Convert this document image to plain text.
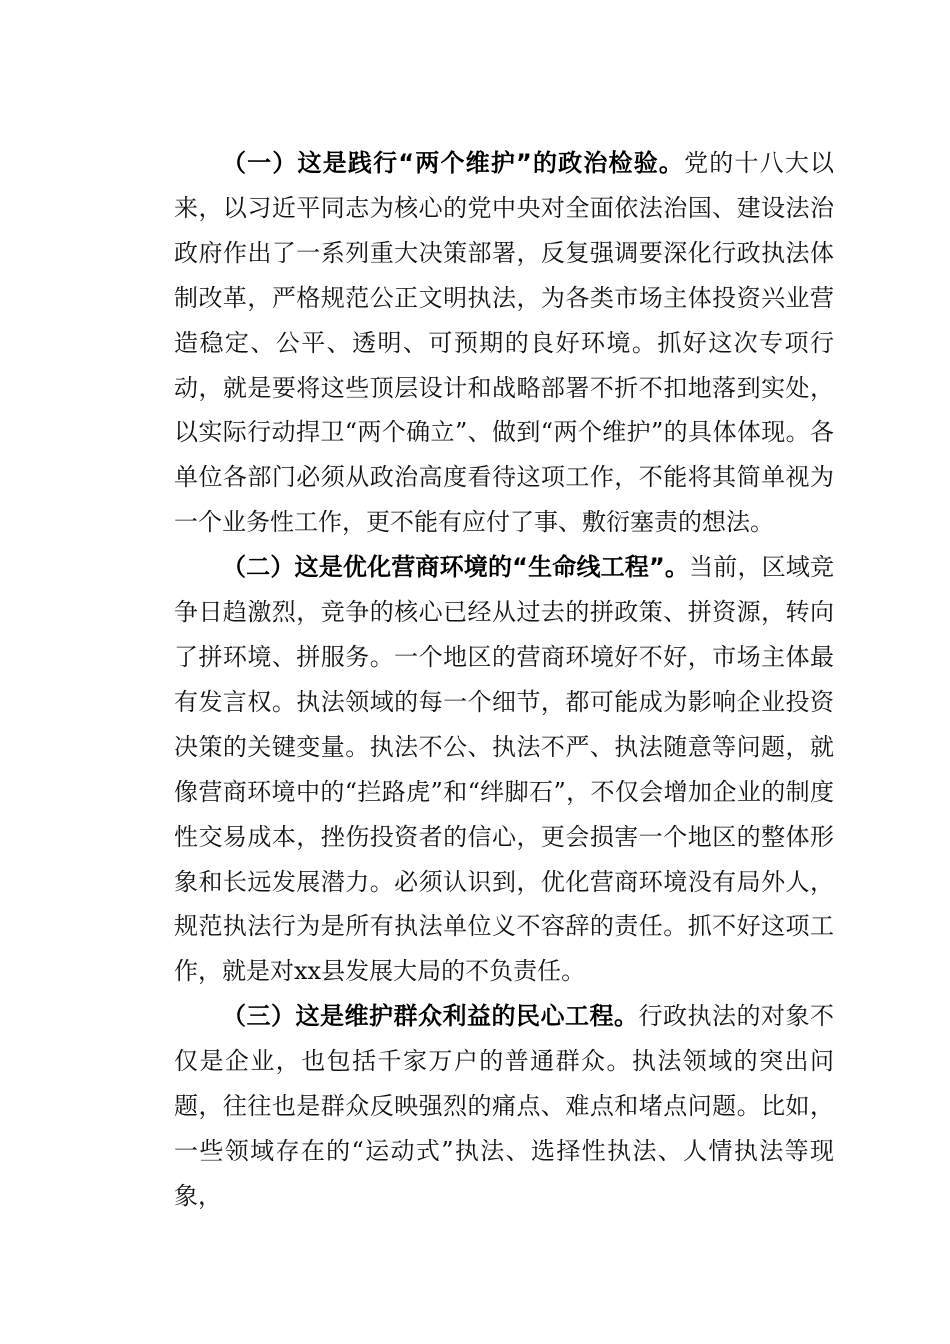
（一）这是践行“两个维护”的政治检验。党的十八大以来，以习近平同志为核心的党中央对全面依法治国、建设法治政府作出了一系列重大决策部署，反复强调要深化行政执法体制改革，严格规范公正文明执法，为各类市场主体投资兴业营造稳定、公平、透明、可预期的良好环境。抓好这次专项行动，就是要将这些顶层设计和战略部署不折不扣地落到实处，以实际行动捍卫“两个确立”、做到“两个维护”的具体体现。各单位各部门必须从政治高度看待这项工作，不能将其简单视为一个业务性工作，更不能有应付了事、敷衍塞责的想法。

（二）这是优化营商环境的“生命线工程”。当前，区域竞争日趋激烈，竞争的核心已经从过去的拼政策、拼资源，转向了拼环境、拼服务。一个地区的营商环境好不好，市场主体最有发言权。执法领域的每一个细节，都可能成为影响企业投资决策的关键变量。执法不公、执法不严、执法随意等问题，就像营商环境中的“拦路虎”和“绊脚石”，不仅会增加企业的制度性交易成本，挫伤投资者的信心，更会损害一个地区的整体形象和长远发展潜力。必须认识到，优化营商环境没有局外人，规范执法行为是所有执法单位义不容辞的责任。抓不好这项工作，就是对xx县发展大局的不负责任。

（三）这是维护群众利益的民心工程。行政执法的对象不仅是企业，也包括千家万户的普通群众。执法领域的突出问题，往往也是群众反映强烈的痛点、难点和堵点问题。比如，一些领域存在的“运动式”执法、选择性执法、人情执法等现象，
